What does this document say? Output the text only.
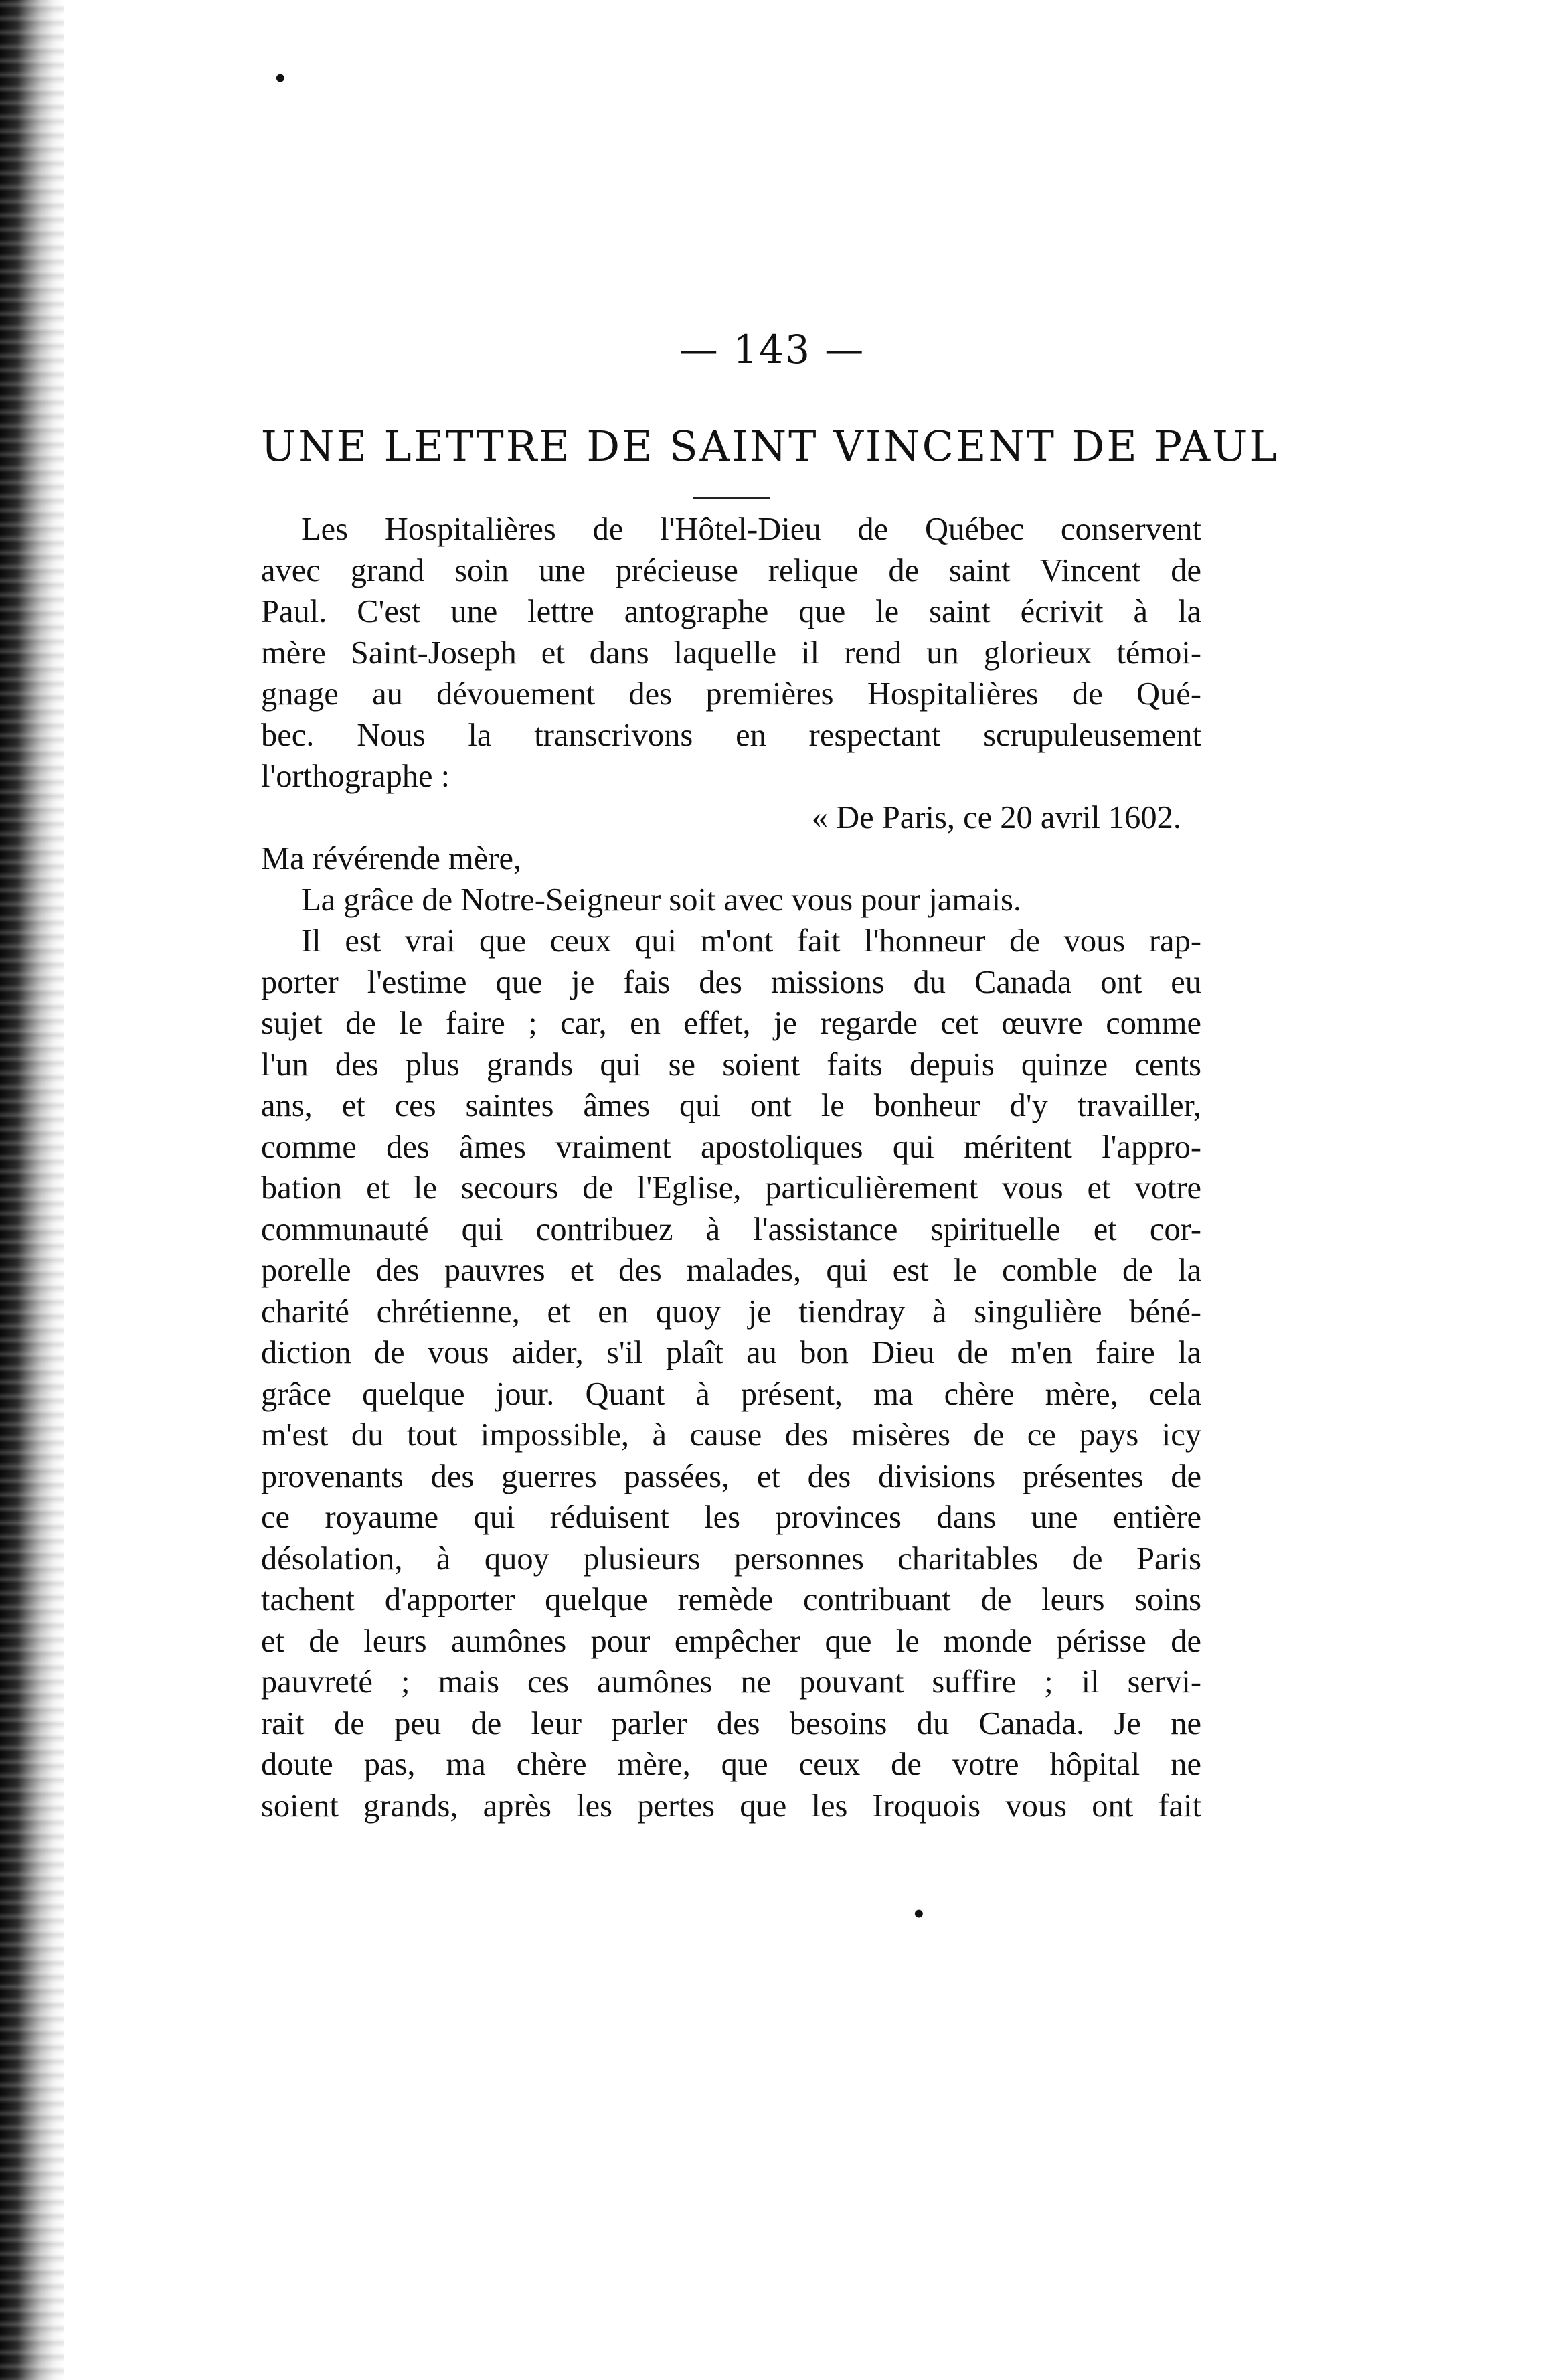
•
•
— 143 —
UNE LETTRE DE SAINT VINCENT DE PAUL

Les Hospitalières de l'Hôtel-Dieu de Québec conservent

avec grand soin une précieuse relique de saint Vincent de

Paul. C'est une lettre antographe que le saint écrivit à la

mère Saint-Joseph et dans laquelle il rend un glorieux témoi-

gnage au dévouement des premières Hospitalières de Qué-

bec. Nous la transcrivons en respectant scrupuleusement

l'orthographe :

« De Paris, ce 20 avril 1602.

Ma révérende mère,

La grâce de Notre-Seigneur soit avec vous pour jamais.

Il est vrai que ceux qui m'ont fait l'honneur de vous rap-

porter l'estime que je fais des missions du Canada ont eu

sujet de le faire ; car, en effet, je regarde cet œuvre comme

l'un des plus grands qui se soient faits depuis quinze cents

ans, et ces saintes âmes qui ont le bonheur d'y travailler,

comme des âmes vraiment apostoliques qui méritent l'appro-

bation et le secours de l'Eglise, particulièrement vous et votre

communauté qui contribuez à l'assistance spirituelle et cor-

porelle des pauvres et des malades, qui est le comble de la

charité chrétienne, et en quoy je tiendray à singulière béné-

diction de vous aider, s'il plaît au bon Dieu de m'en faire la

grâce quelque jour. Quant à présent, ma chère mère, cela

m'est du tout impossible, à cause des misères de ce pays icy

provenants des guerres passées, et des divisions présentes de

ce royaume qui réduisent les provinces dans une entière

désolation, à quoy plusieurs personnes charitables de Paris

tachent d'apporter quelque remède contribuant de leurs soins

et de leurs aumônes pour empêcher que le monde périsse de

pauvreté ; mais ces aumônes ne pouvant suffire ; il servi-

rait de peu de leur parler des besoins du Canada. Je ne

doute pas, ma chère mère, que ceux de votre hôpital ne

soient grands, après les pertes que les Iroquois vous ont fait
